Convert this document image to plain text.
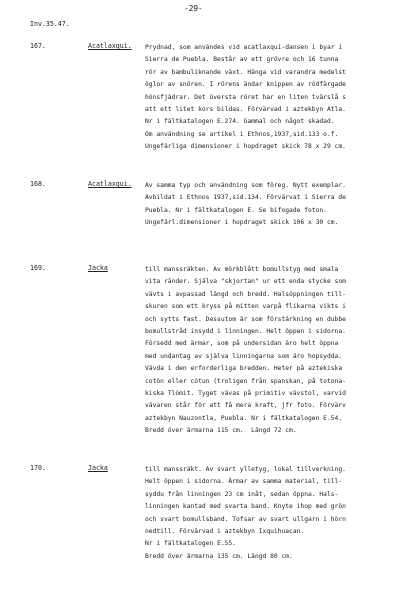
-29-
Inv.35.47.
167.	Acatlaxqui. Prydnad, som användes vid acatlaxqui-dansen i byar i
Sierra de Puebla. Består av ett grövre och 16 tunna
rör av bambuliknande växt. Hänga vid varandra medelst
öglor av snören. I rörens ändar knippen av rödfärgade
hönsfjädrar. Det översta röret har en liten tvärslå s
att ett litet kors bildas. Förvärvad i aztekbyn Atla.
Nr i fältkatalogen E.274. Gammal och något skadad.
Om användning se artikel i Ethnos,1937,sid.133 o.f.
Ungefärliga dimensioner i hopdraget skick 78 x 29 cm.
168.	Acatlaxqui. Av samma typ och användning som föreg. Nytt exemplar.
Avbildat i Ethnos 1937,sid.134. Förvärvat i Sierra de
Puebla. Nr i fältkatalogen E. Se bifogade foton.
Ungefärl.dimensioner i hopdraget skick 106 x 30 cm.
169.	Jacka	till manssräkten. Av mörkblått bomullstyg med smala
vita ränder. Själva "skjortan" ur ett enda stycke som
vävts i avpassad längd och bredd. Halsöppningen till-
skuren som ett kryss på mitten varpå flikarna vikts i
och sytts fast. Dessutom är som förstärkning en dubbe
bomullstråd insydd i linningen. Helt öppen i sidorna.
Försedd med ärmar, som på undersidan äro helt öppna
med undantag av själva linningarna som äro hopsydda.
Vävda i den erforderliga bredden. Heter på aztekiska
cotón eller cótun (troligen från spanskan, på totona-
kiska Tlómit. Tyget vävas på primitiv vävstol, varvid
vävaren står för att få mera kraft, jfr foto. Förvärv
aztekbyn Nauzontla, Puebla. Nr i fältkatalogen E.54.
Bredd över ärmarna 115 cm.  Längd 72 cm.
170.	Jacka	till manssräkt. Av svart ylletyg, lokal tillverkning.
Helt öppen i sidorna. Ärmar av samma material, till-
syddu från linningen 23 cm inåt, sedan öppna. Hals-
linningen kantad med svarta band. Knyte ihop med grön
och svart bomullsband. Tofsar av svart ullgarn i hörn
nedtill. Förvärvad i aztekbyn Ixquihuacan.
Nr i fältkatalogen E.55.
Bredd över ärmarna 135 cm. Längd 80 cm.
